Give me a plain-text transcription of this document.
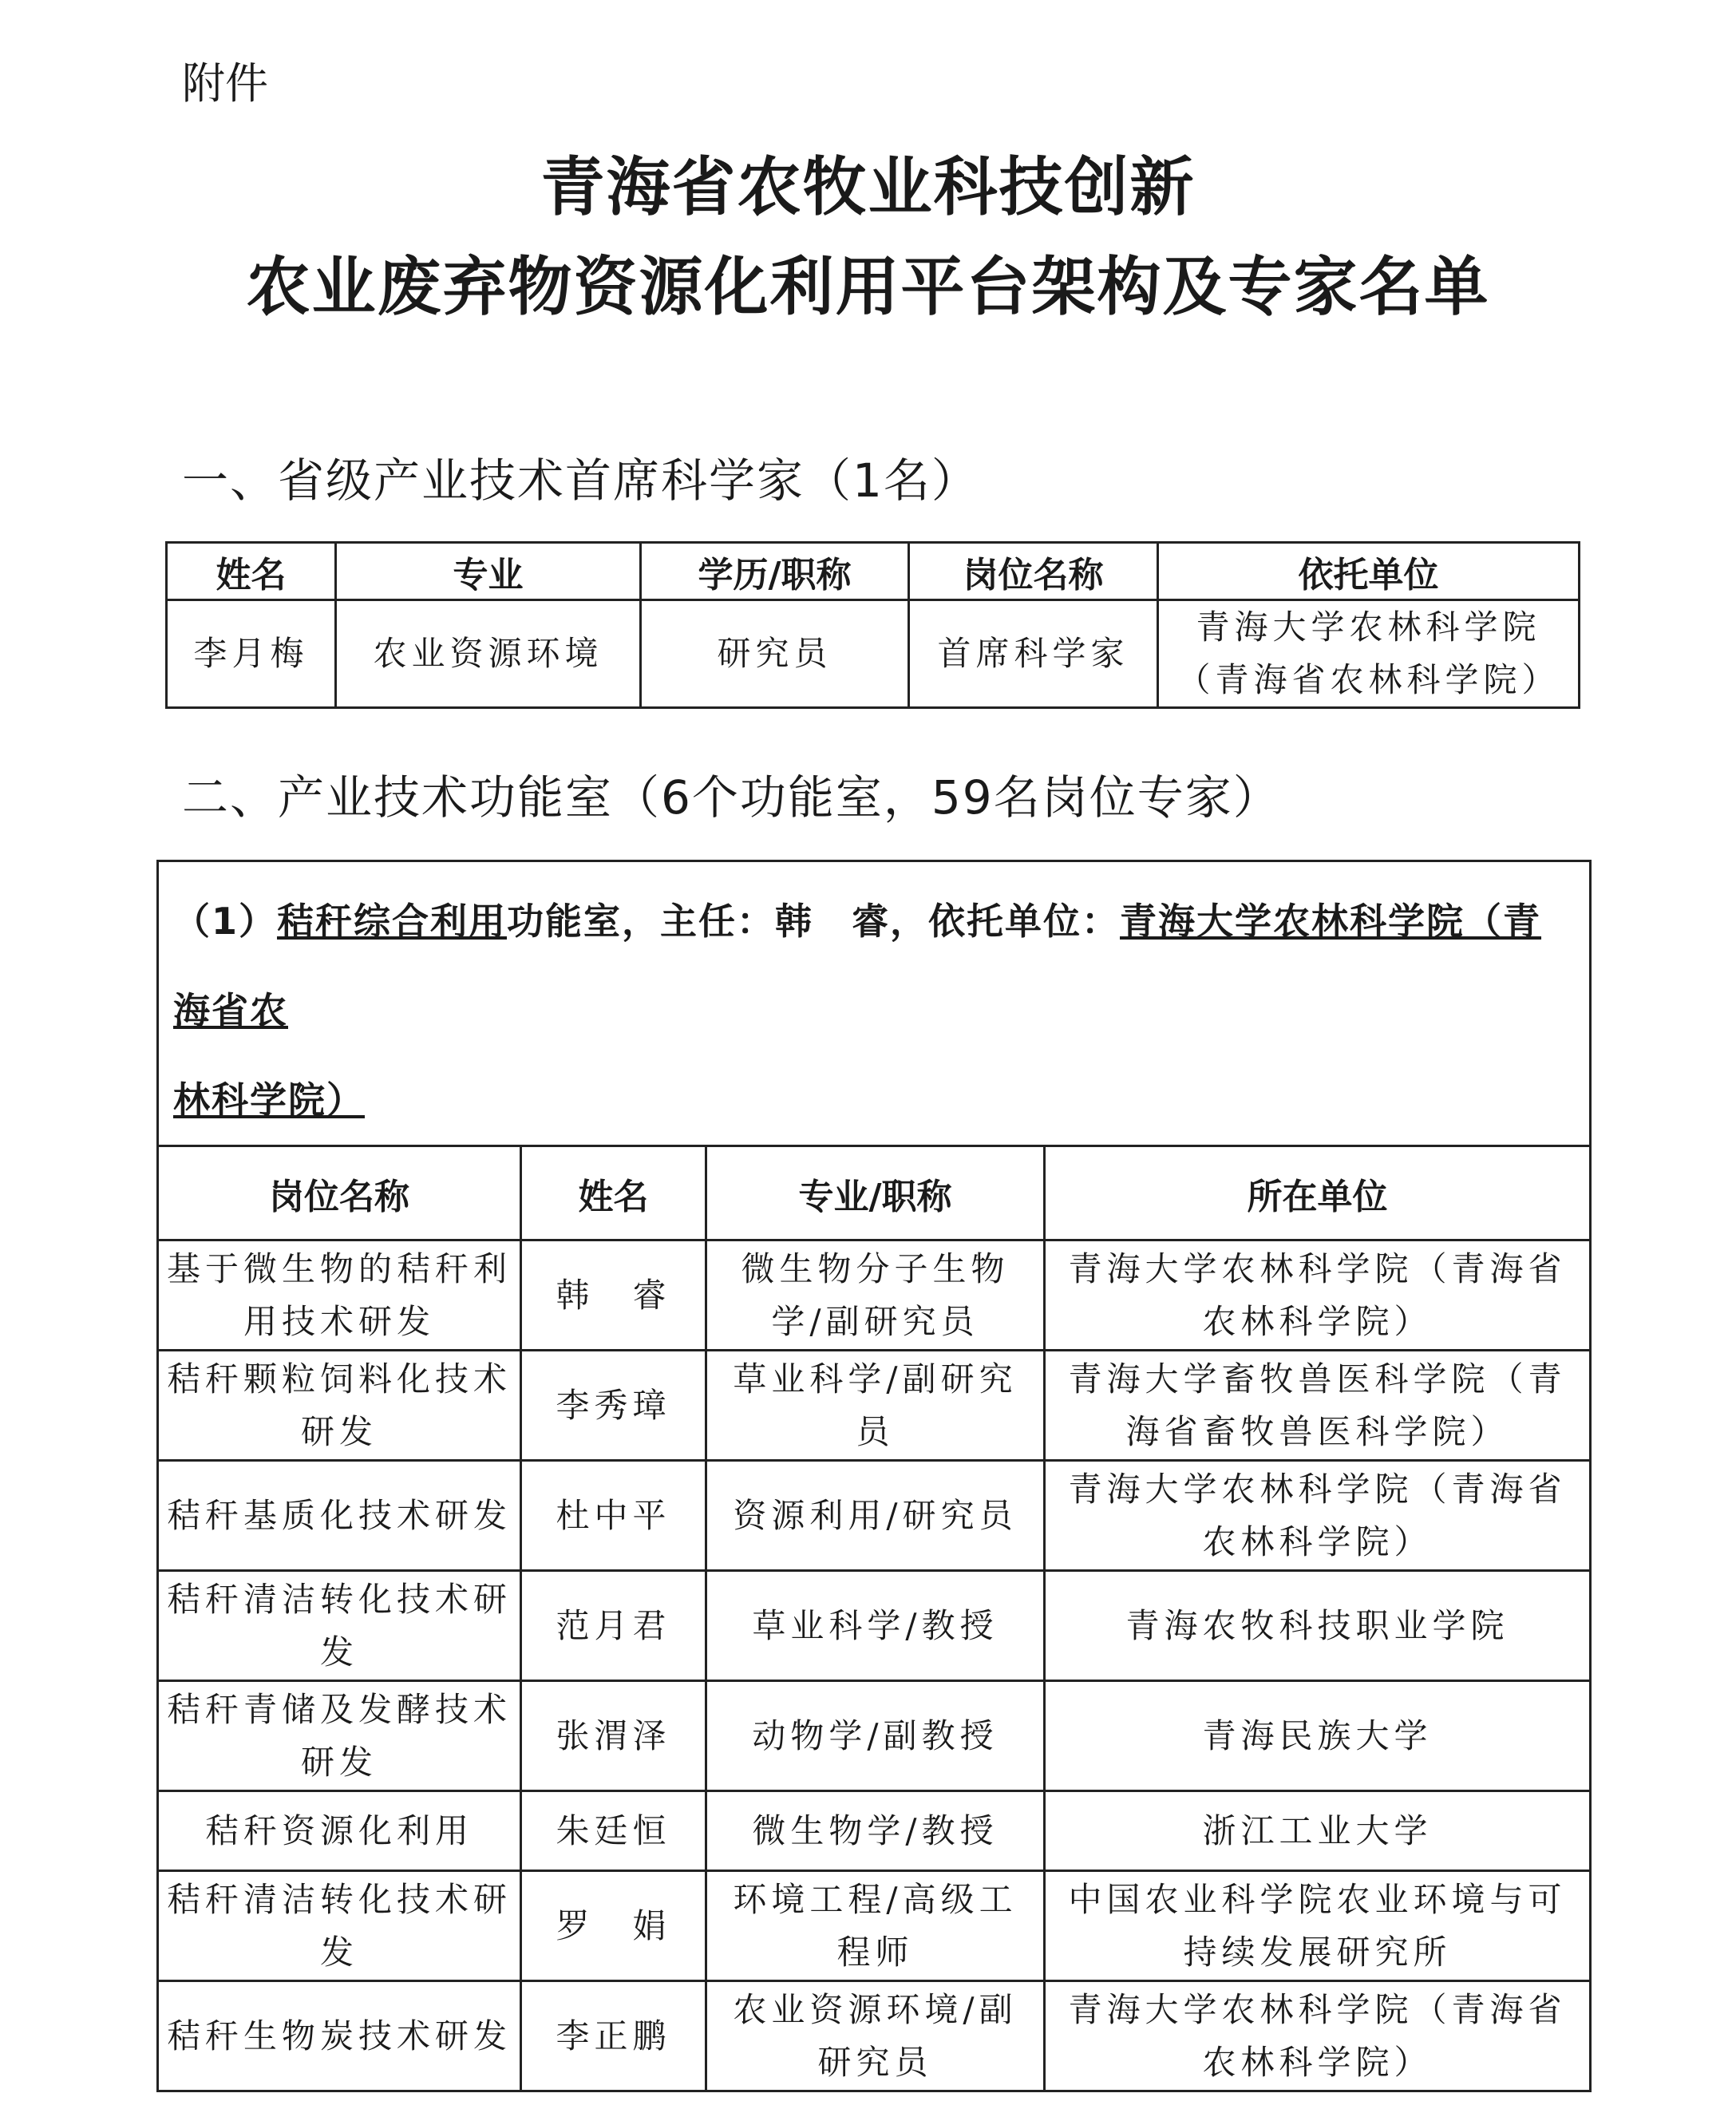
附件
青海省农牧业科技创新
农业废弃物资源化利用平台架构及专家名单
一、省级产业技术首席科学家（1名）
姓名	专业	学历/职称	岗位名称	依托单位
李月梅	农业资源环境	研究员	首席科学家	青海大学农林科学院
（青海省农林科学院）
二、产业技术功能室（6个功能室，59名岗位专家）
（1）秸秆综合利用功能室，主任：韩　睿，依托单位：青海大学农林科学院（青海省农
林科学院）			
岗位名称	姓名	专业/职称	所在单位
基于微生物的秸秆利用技术研发	韩　睿	微生物分子生物学/副研究员	青海大学农林科学院（青海省农林科学院）
秸秆颗粒饲料化技术研发	李秀璋	草业科学/副研究员	青海大学畜牧兽医科学院（青海省畜牧兽医科学院）
秸秆基质化技术研发	杜中平	资源利用/研究员	青海大学农林科学院（青海省农林科学院）
秸秆清洁转化技术研发	范月君	草业科学/教授	青海农牧科技职业学院
秸秆青储及发酵技术研发	张渭泽	动物学/副教授	青海民族大学
秸秆资源化利用	朱廷恒	微生物学/教授	浙江工业大学
秸秆清洁转化技术研发	罗　娟	环境工程/高级工程师	中国农业科学院农业环境与可持续发展研究所
秸秆生物炭技术研发	李正鹏	农业资源环境/副研究员	青海大学农林科学院（青海省农林科学院）
